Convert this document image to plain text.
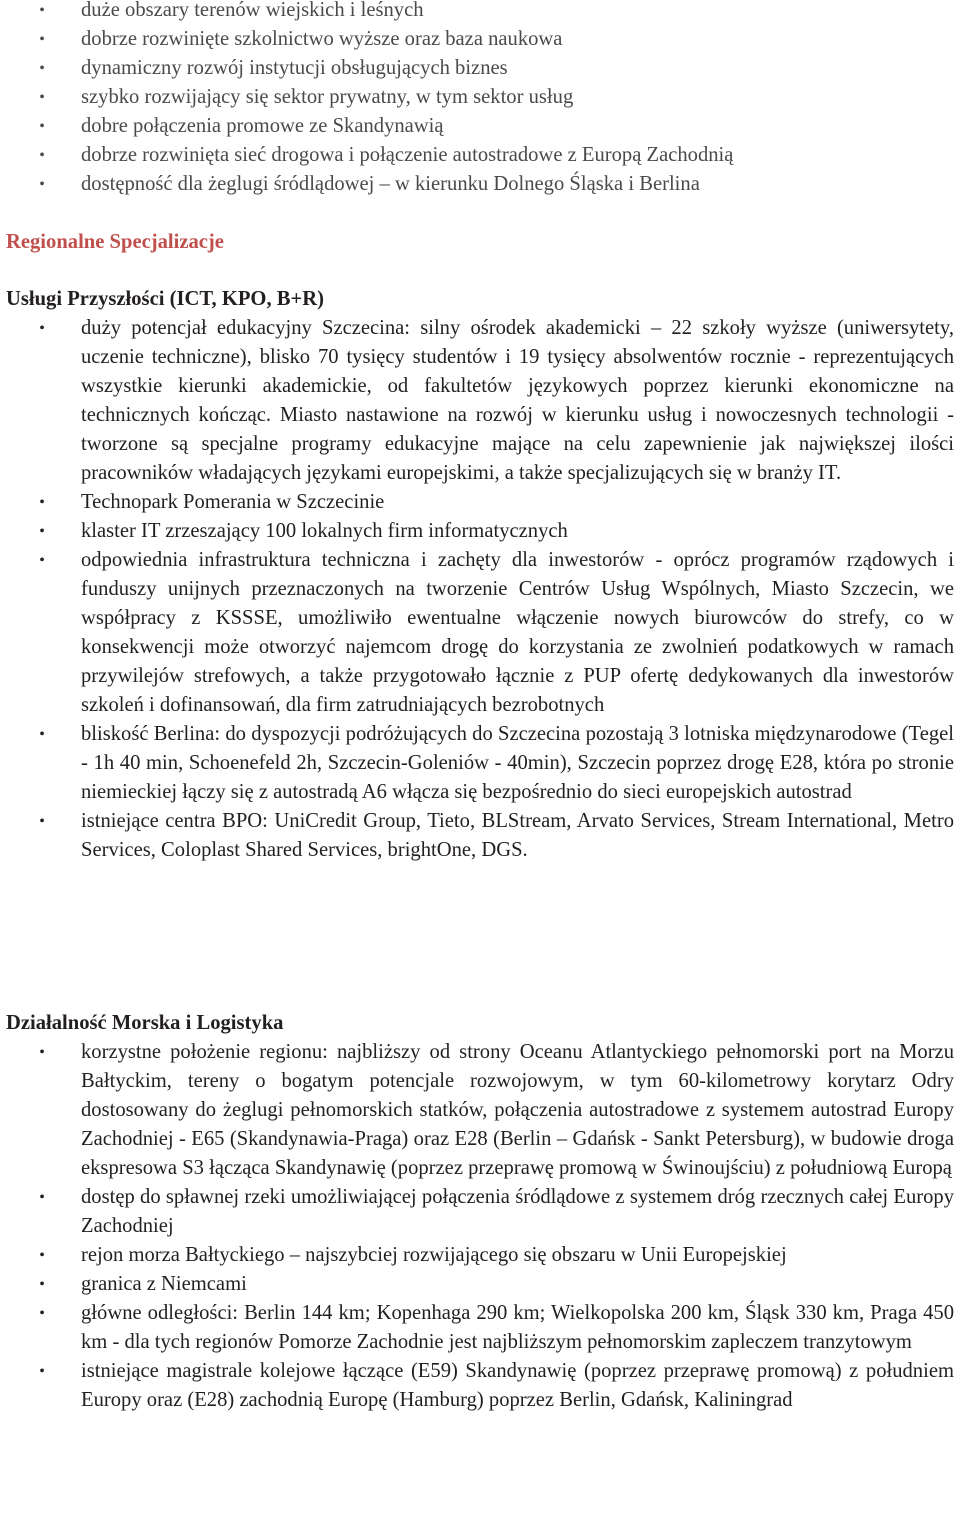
• duże obszary terenów wiejskich i leśnych
• dobrze rozwinięte szkolnictwo wyższe oraz baza naukowa
• dynamiczny rozwój instytucji obsługujących biznes
• szybko rozwijający się sektor prywatny, w tym sektor usług
• dobre połączenia promowe ze Skandynawią
• dobrze rozwinięta sieć drogowa i połączenie autostradowe z Europą Zachodnią
• dostępność dla żeglugi śródlądowej – w kierunku Dolnego Śląska i Berlina
Regionalne Specjalizacje
Usługi Przyszłości (ICT, KPO, B+R)
• duży potencjał edukacyjny Szczecina: silny ośrodek akademicki – 22 szkoły wyższe (uniwersytety, uczenie techniczne), blisko 70 tysięcy studentów i 19 tysięcy absolwentów rocznie - reprezentujących wszystkie kierunki akademickie, od fakultetów językowych poprzez kierunki ekonomiczne na technicznych kończąc. Miasto nastawione na rozwój w kierunku usług i nowoczesnych technologii - tworzone są specjalne programy edukacyjne mające na celu zapewnienie jak największej ilości pracowników władających językami europejskimi, a także specjalizujących się w branży IT.
• Technopark Pomerania w Szczecinie
• klaster IT zrzeszający 100 lokalnych firm informatycznych
• odpowiednia infrastruktura techniczna i zachęty dla inwestorów - oprócz programów rządowych i funduszy unijnych przeznaczonych na tworzenie Centrów Usług Wspólnych, Miasto Szczecin, we współpracy z KSSSE, umożliwiło ewentualne włączenie nowych biurowców do strefy, co w konsekwencji może otworzyć najemcom drogę do korzystania ze zwolnień podatkowych w ramach przywilejów strefowych, a także przygotowało łącznie z PUP ofertę dedykowanych dla inwestorów szkoleń i dofinansowań, dla firm zatrudniających bezrobotnych
• bliskość Berlina: do dyspozycji podróżujących do Szczecina pozostają 3 lotniska międzynarodowe (Tegel - 1h 40 min, Schoenefeld 2h, Szczecin-Goleniów - 40min), Szczecin poprzez drogę E28, która po stronie niemieckiej łączy się z autostradą A6 włącza się bezpośrednio do sieci europejskich autostrad
• istniejące centra BPO: UniCredit Group, Tieto, BLStream, Arvato Services, Stream International, Metro Services, Coloplast Shared Services, brightOne, DGS.
Działalność Morska i Logistyka
• korzystne położenie regionu: najbliższy od strony Oceanu Atlantyckiego pełnomorski port na Morzu Bałtyckim, tereny o bogatym potencjale rozwojowym, w tym 60-kilometrowy korytarz Odry dostosowany do żeglugi pełnomorskich statków, połączenia autostradowe z systemem autostrad Europy Zachodniej - E65 (Skandynawia-Praga) oraz E28 (Berlin – Gdańsk - Sankt Petersburg), w budowie droga ekspresowa S3 łącząca Skandynawię (poprzez przeprawę promową w Świnoujściu) z południową Europą
• dostęp do spławnej rzeki umożliwiającej połączenia śródlądowe z systemem dróg rzecznych całej Europy Zachodniej
• rejon morza Bałtyckiego – najszybciej rozwijającego się obszaru w Unii Europejskiej
• granica z Niemcami
• główne odległości: Berlin 144 km; Kopenhaga 290 km; Wielkopolska 200 km, Śląsk 330 km, Praga 450 km - dla tych regionów Pomorze Zachodnie jest najbliższym pełnomorskim zapleczem tranzytowym
• istniejące magistrale kolejowe łączące (E59) Skandynawię (poprzez przeprawę promową) z południem Europy oraz (E28) zachodnią Europę (Hamburg) poprzez Berlin, Gdańsk, Kaliningrad
